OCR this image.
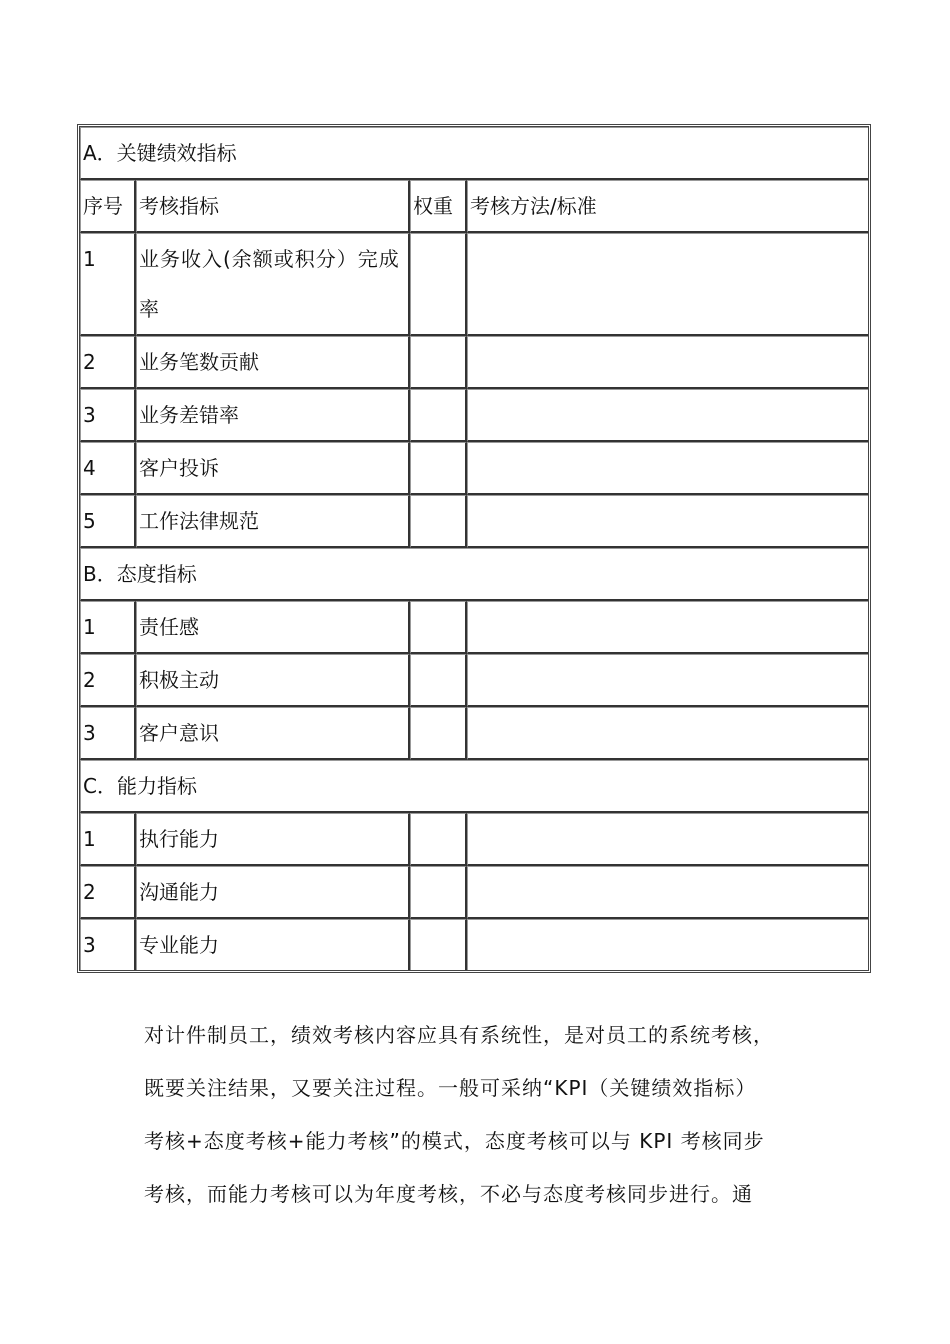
A．关键绩效指标			
序号	考核指标	权重	考核方法/标准
1	业务收入(余额或积分）完成率		
2	业务笔数贡献		
3	业务差错率		
4	客户投诉		
5	工作法律规范		
B．态度指标			
1	责任感		
2	积极主动		
3	客户意识		
C．能力指标			
1	执行能力		
2	沟通能力		
3	专业能力		
对计件制员工，绩效考核内容应具有系统性，是对员工的系统考核，
既要关注结果，又要关注过程。一般可采纳“KPI（关键绩效指标）
考核+态度考核+能力考核”的模式，态度考核可以与 KPI 考核同步
考核，而能力考核可以为年度考核，不必与态度考核同步进行。通
